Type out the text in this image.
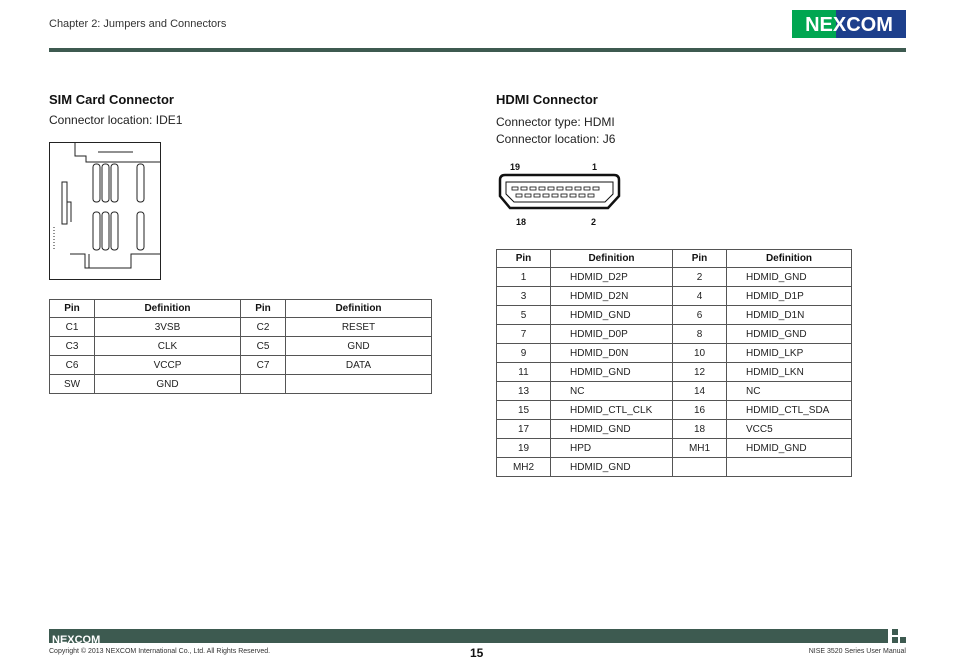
Chapter 2: Jumpers and Connectors	NEXCOM
SIM Card Connector
Connector location: IDE1
Pin	Definition	Pin	Definition
C1	3VSB	C2	RESET
C3	CLK	C5	GND
C6	VCCP	C7	DATA
SW	GND		
HDMI Connector
Connector type: HDMI
Connector location: J6
19	1
18	2
Pin	Definition	Pin	Definition
1	HDMID_D2P	2	HDMID_GND
3	HDMID_D2N	4	HDMID_D1P
5	HDMID_GND	6	HDMID_D1N
7	HDMID_D0P	8	HDMID_GND
9	HDMID_D0N	10	HDMID_LKP
11	HDMID_GND	12	HDMID_LKN
13	NC	14	NC
15	HDMID_CTL_CLK	16	HDMID_CTL_SDA
17	HDMID_GND	18	VCC5
19	HPD	MH1	HDMID_GND
MH2	HDMID_GND		
NEXCOM
Copyright © 2013 NEXCOM International Co., Ltd. All Rights Reserved.	15	NISE 3520 Series User Manual
